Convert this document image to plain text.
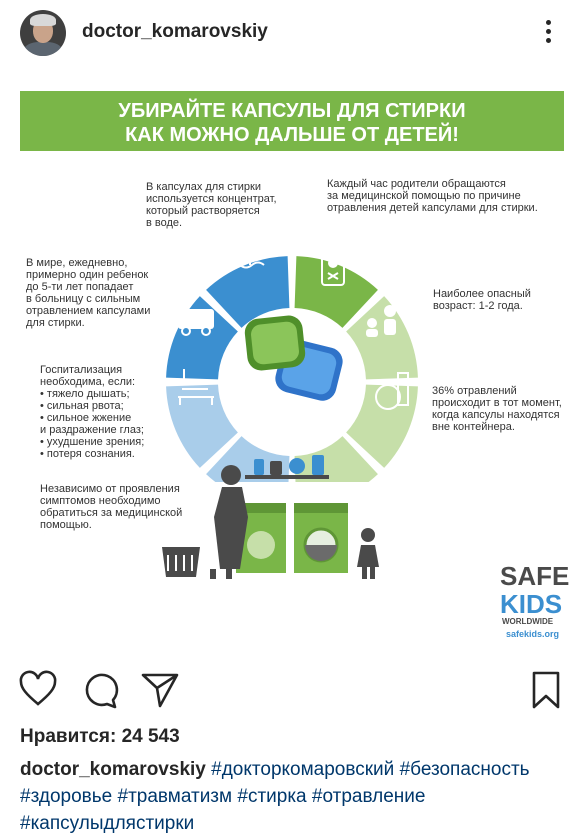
doctor_komarovskiy
УБИРАЙТЕ КАПСУЛЫ ДЛЯ СТИРКИ
КАК МОЖНО ДАЛЬШЕ ОТ ДЕТЕЙ!
В мире, ежедневно,
примерно один ребенок
до 5-ти лет попадает
в больницу с сильным
отравлением капсулами
для стирки.
В капсулах для стирки
используется концентрат,
который растворяется
в воде.
Каждый час родители обращаются
за медицинской помощью по причине
отравления детей капсулами для стирки.
Наиболее опасный
возраст: 1-2 года.
36% отравлений
происходит в тот момент,
когда капсулы находятся
вне контейнера.
Госпитализация
необходима, если:
• тяжело дышать;
• сильная рвота;
• сильное жжение
и раздражение глаз;
• ухудшение зрения;
• потеря сознания.
Независимо от проявления
симптомов необходимо
обратиться за медицинской
помощью.
SAFE
KIDS
WORLDWIDE
safekids.org
Нравится: 24 543
doctor_komarovskiy #докторкомаровский #безопасность #здоровье #травматизм #стирка #отравление #капсулыдлястирки
